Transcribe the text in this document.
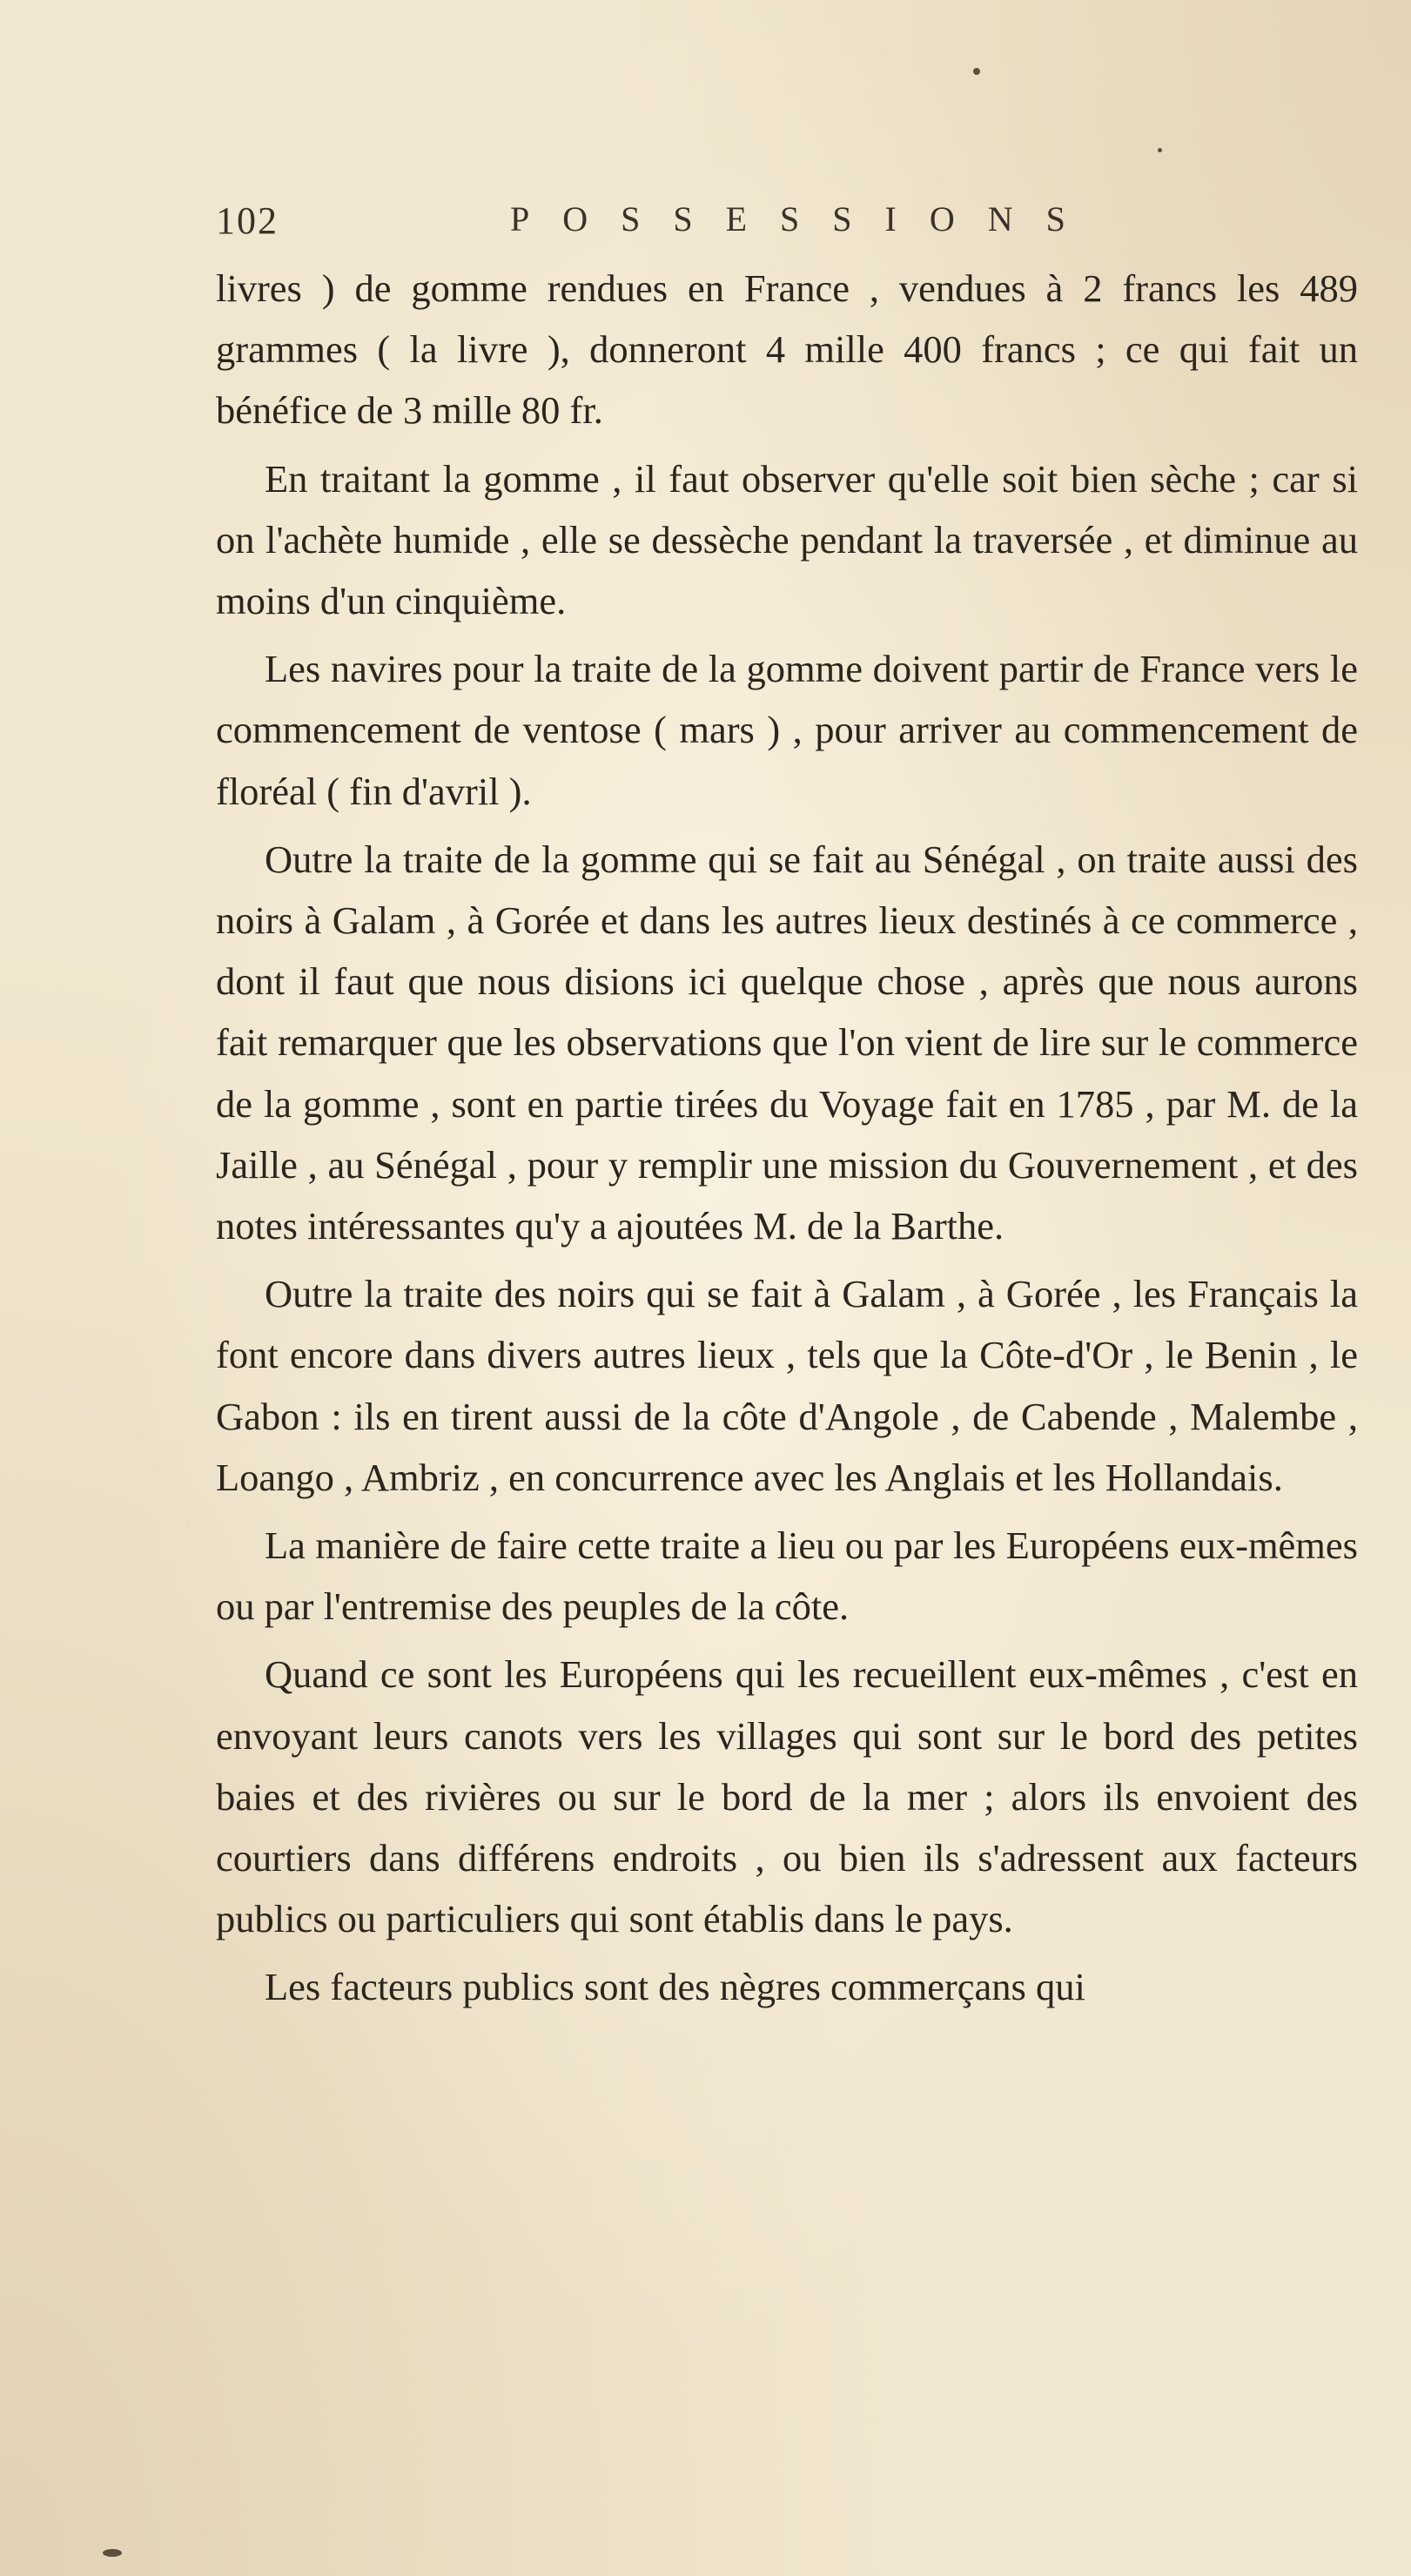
102	POSSESSIONS

livres ) de gomme rendues en France , vendues à 2 francs les 489 grammes ( la livre ), donneront 4 mille 400 francs ; ce qui fait un bénéfice de 3 mille 80 fr.

En traitant la gomme , il faut observer qu'elle soit bien sèche ; car si on l'achète humide , elle se dessèche pendant la traversée , et diminue au moins d'un cinquième.

Les navires pour la traite de la gomme doivent partir de France vers le commencement de ventose ( mars ) , pour arriver au commencement de floréal ( fin d'avril ).

Outre la traite de la gomme qui se fait au Sénégal , on traite aussi des noirs à Galam , à Gorée et dans les autres lieux destinés à ce commerce , dont il faut que nous disions ici quelque chose , après que nous aurons fait remarquer que les observations que l'on vient de lire sur le commerce de la gomme , sont en partie tirées du Voyage fait en 1785 , par M. de la Jaille , au Sénégal , pour y remplir une mission du Gouvernement , et des notes intéressantes qu'y a ajoutées M. de la Barthe.

Outre la traite des noirs qui se fait à Galam , à Gorée , les Français la font encore dans divers autres lieux , tels que la Côte-d'Or , le Benin , le Gabon : ils en tirent aussi de la côte d'Angole , de Cabende , Malembe , Loango , Ambriz , en concurrence avec les Anglais et les Hollandais.

La manière de faire cette traite a lieu ou par les Européens eux-mêmes ou par l'entremise des peuples de la côte.

Quand ce sont les Européens qui les recueillent eux-mêmes , c'est en envoyant leurs canots vers les villages qui sont sur le bord des petites baies et des rivières ou sur le bord de la mer ; alors ils envoient des courtiers dans différens endroits , ou bien ils s'adressent aux facteurs publics ou particuliers qui sont établis dans le pays.

Les facteurs publics sont des nègres commerçans qui
